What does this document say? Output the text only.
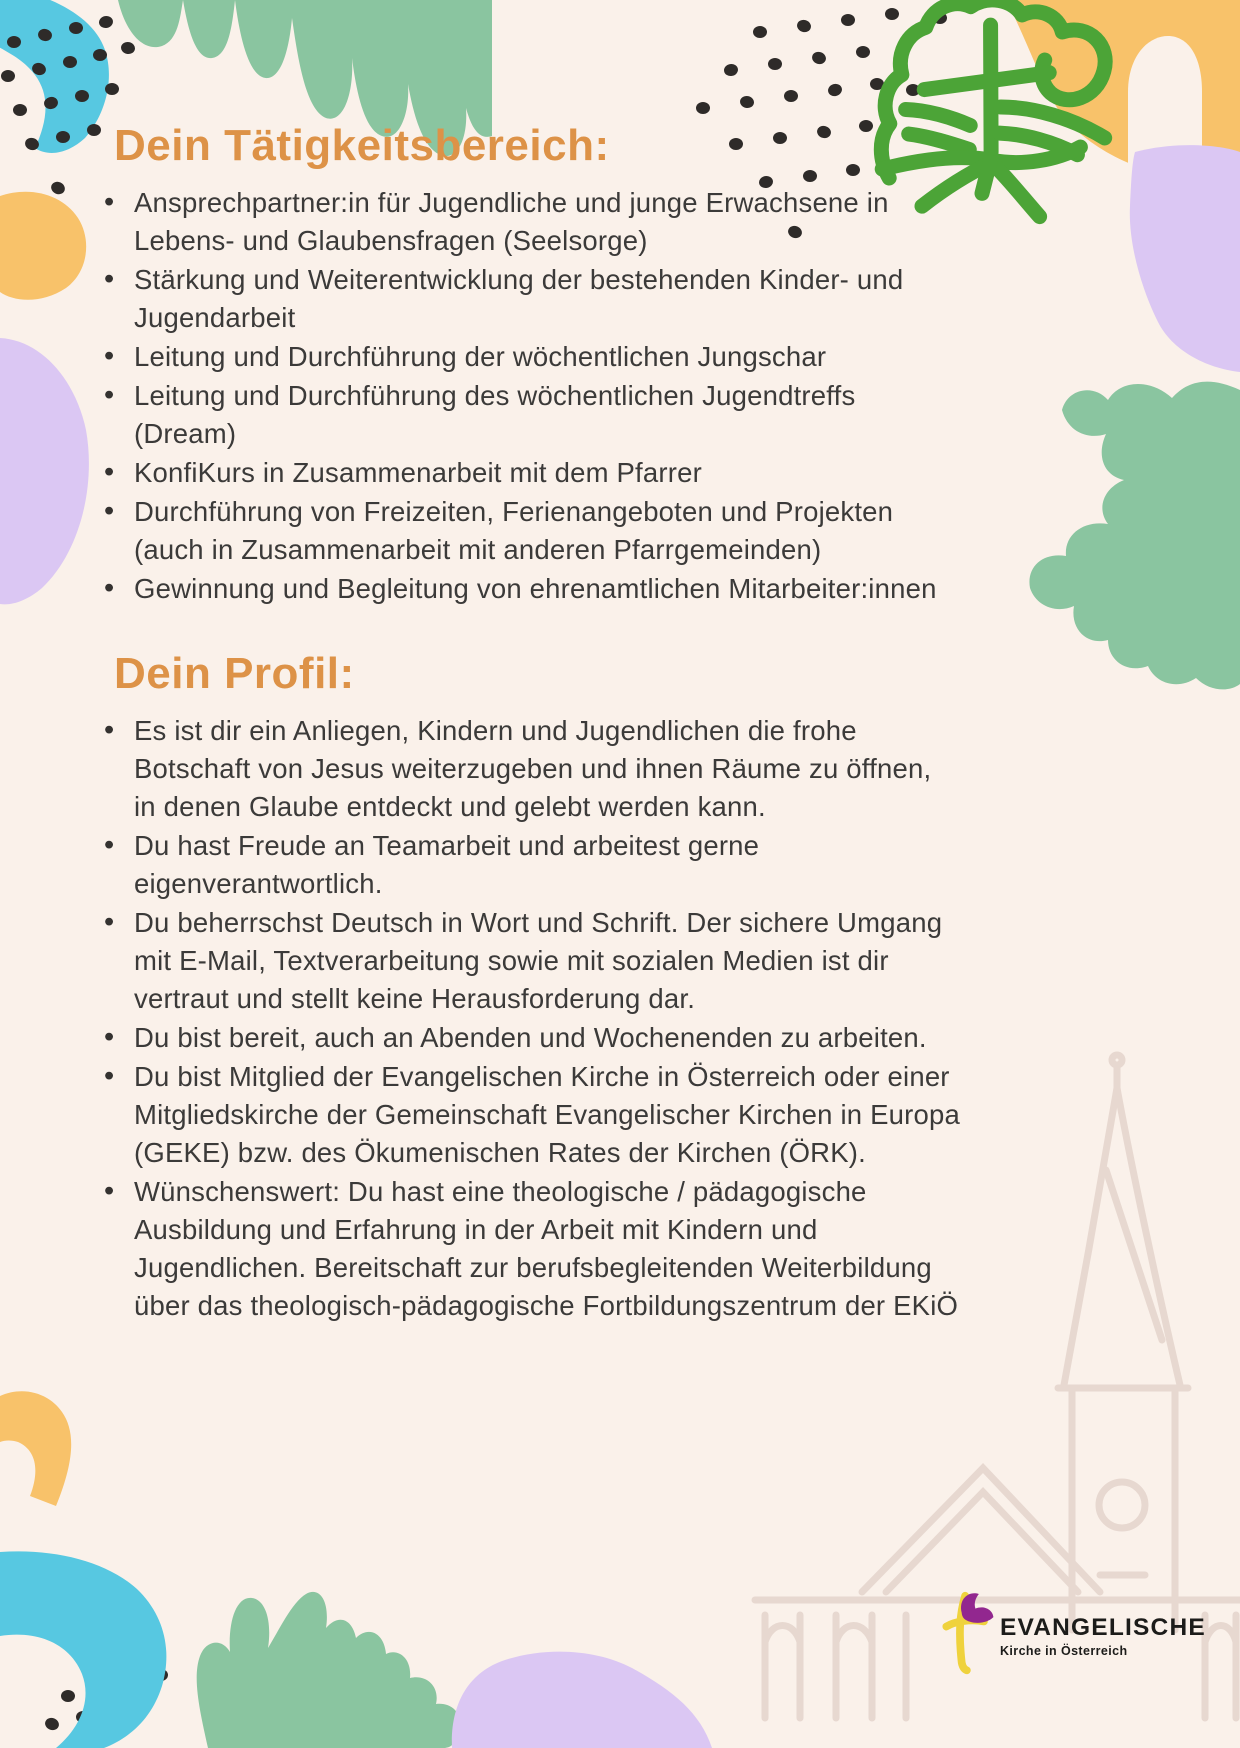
Dein Tätigkeitsbereich:
• Ansprechpartner:in für Jugendliche und junge Erwachsene in Lebens- und Glaubensfragen (Seelsorge)
• Stärkung und Weiterentwicklung der bestehenden Kinder- und Jugendarbeit
• Leitung und Durchführung der wöchentlichen Jungschar
• Leitung und Durchführung des wöchentlichen Jugendtreffs (Dream)
• KonfiKurs in Zusammenarbeit mit dem Pfarrer
• Durchführung von Freizeiten, Ferienangeboten und Projekten (auch in Zusammenarbeit mit anderen Pfarrgemeinden)
• Gewinnung und Begleitung von ehrenamtlichen Mitarbeiter:innen
Dein Profil:
• Es ist dir ein Anliegen, Kindern und Jugendlichen die frohe Botschaft von Jesus weiterzugeben und ihnen Räume zu öffnen, in denen Glaube entdeckt und gelebt werden kann.
• Du hast Freude an Teamarbeit und arbeitest gerne eigenverantwortlich.
• Du beherrschst Deutsch in Wort und Schrift. Der sichere Umgang mit E-Mail, Textverarbeitung sowie mit sozialen Medien ist dir vertraut und stellt keine Herausforderung dar.
• Du bist bereit, auch an Abenden und Wochenenden zu arbeiten.
• Du bist Mitglied der Evangelischen Kirche in Österreich oder einer Mitgliedskirche der Gemeinschaft Evangelischer Kirchen in Europa (GEKE) bzw. des Ökumenischen Rates der Kirchen (ÖRK).
• Wünschenswert: Du hast eine theologische / pädagogische Ausbildung und Erfahrung in der Arbeit mit Kindern und Jugendlichen. Bereitschaft zur berufsbegleitenden Weiterbildung über das theologisch-pädagogische Fortbildungszentrum der EKiÖ
EVANGELISCHE
Kirche in Österreich
